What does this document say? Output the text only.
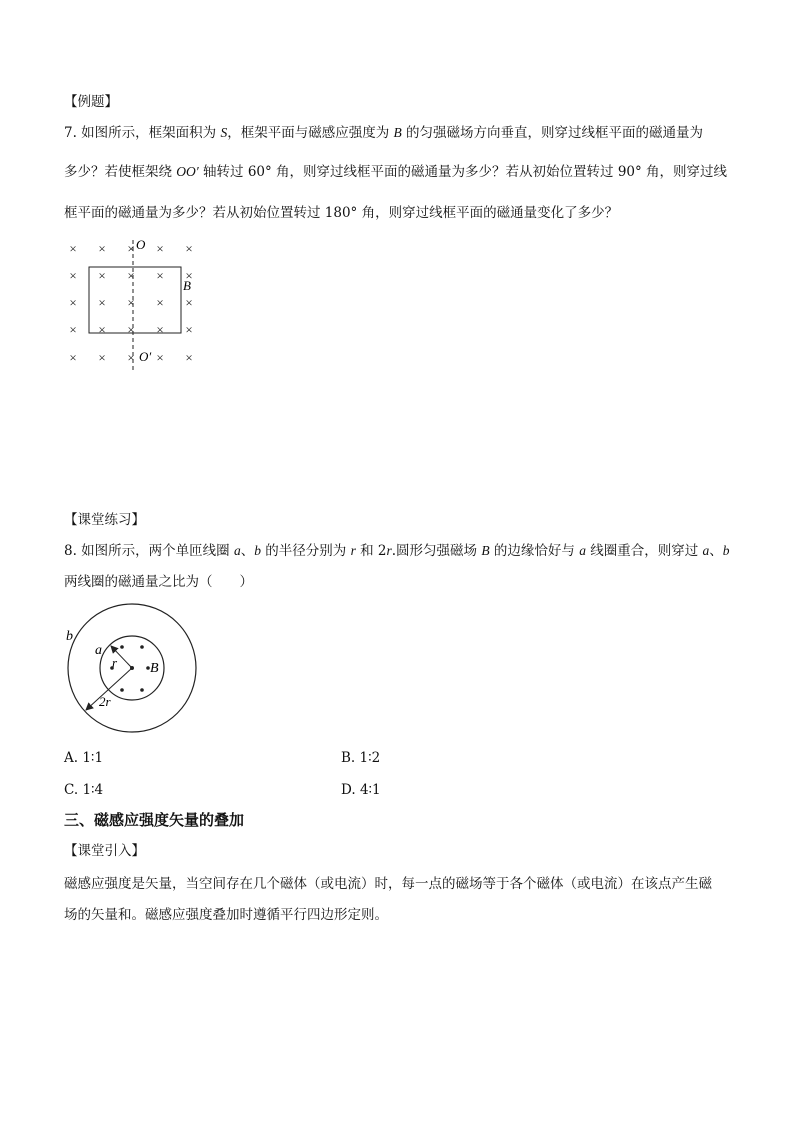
【例题】
7. 如图所示，框架面积为 S，框架平面与磁感应强度为 B 的匀强磁场方向垂直，则穿过线框平面的磁通量为
多少？若使框架绕 OO′ 轴转过 60° 角，则穿过线框平面的磁通量为多少？若从初始位置转过 90° 角，则穿过线
框平面的磁通量为多少？若从初始位置转过 180° 角，则穿过线框平面的磁通量变化了多少？
× × × × ×
× × × × ×
× × × × ×
× × × × ×
× × × × ×
O
O′
B
【课堂练习】
8. 如图所示，两个单匝线圈 a、b 的半径分别为 r 和 2r.圆形匀强磁场 B 的边缘恰好与 a 线圈重合，则穿过 a、b
两线圈的磁通量之比为（　　）
b
a
r B
2r
A. 1∶1	B. 1∶2
C. 1∶4	D. 4∶1
三、磁感应强度矢量的叠加
【课堂引入】
磁感应强度是矢量，当空间存在几个磁体（或电流）时，每一点的磁场等于各个磁体（或电流）在该点产生磁
场的矢量和。磁感应强度叠加时遵循平行四边形定则。
